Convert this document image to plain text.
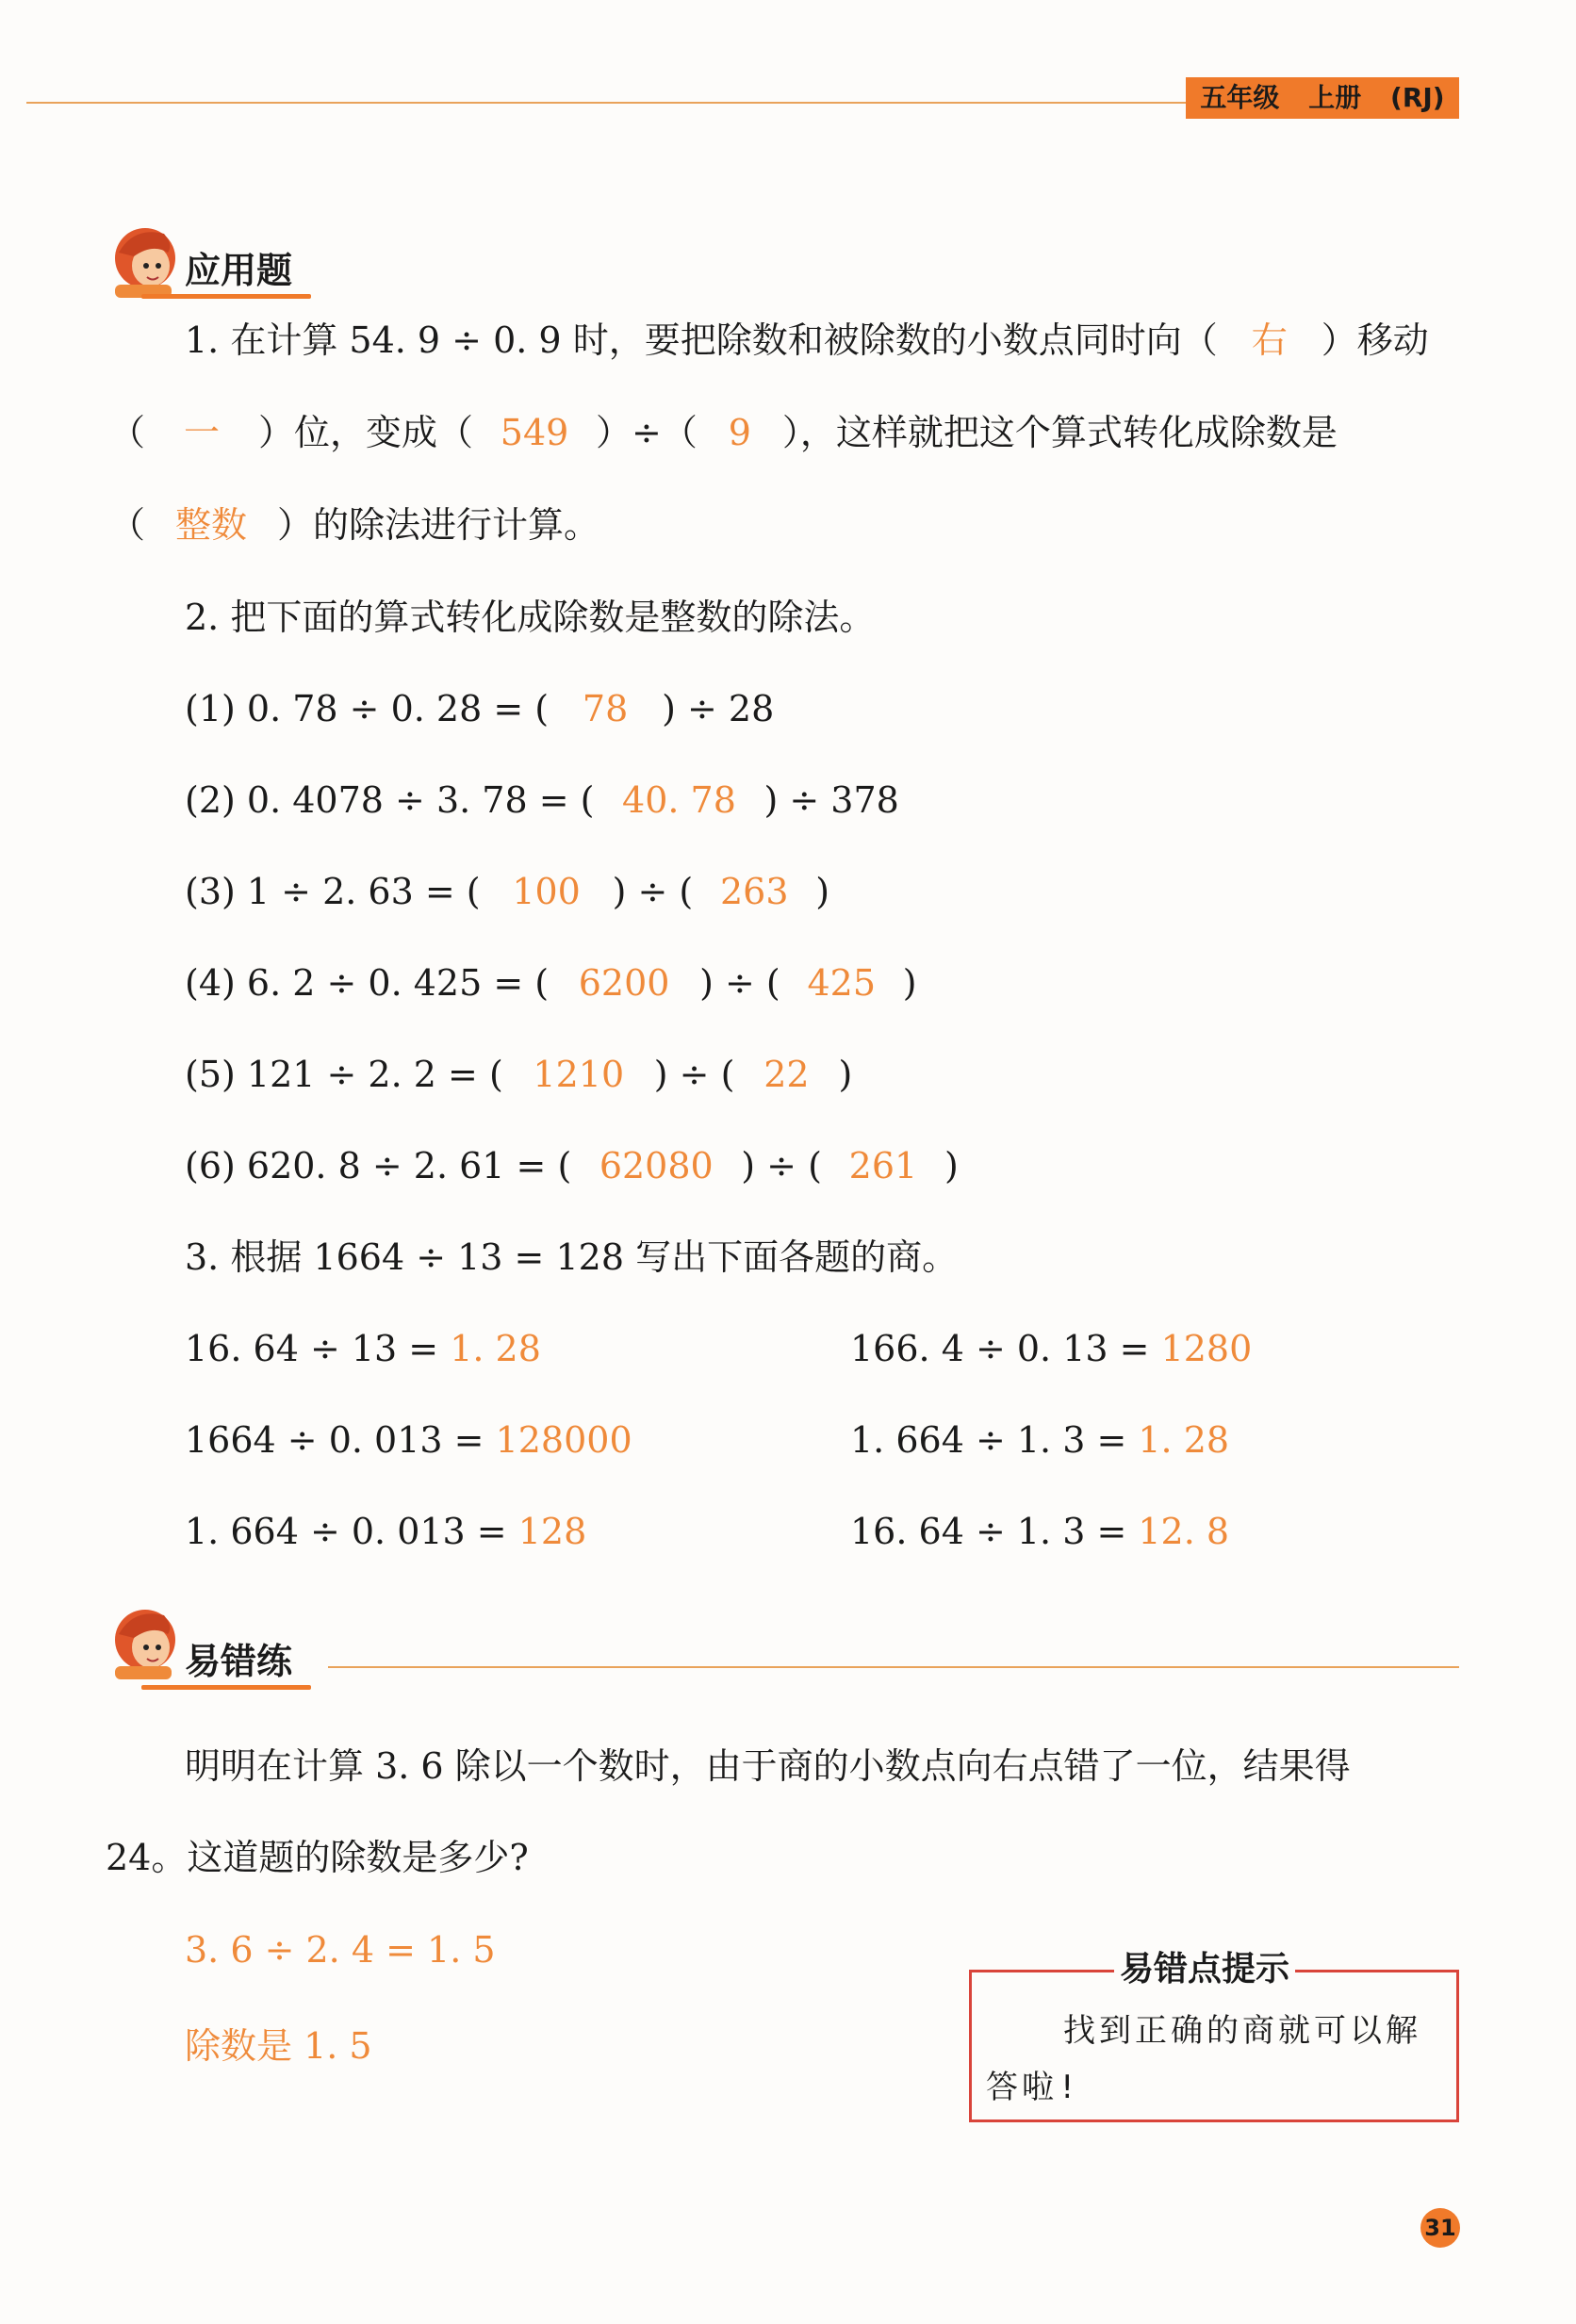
五年级 上册 (RJ)
应用题
1. 在计算 54. 9 ÷ 0. 9 时，要把除数和被除数的小数点同时向（ 右 ）移动
（ 一 ）位，变成（ 549 ）÷（ 9 ），这样就把这个算式转化成除数是
（ 整数 ）的除法进行计算。
2. 把下面的算式转化成除数是整数的除法。
(1) 0. 78 ÷ 0. 28 = ( 78 ) ÷ 28
(2) 0. 4078 ÷ 3. 78 = ( 40. 78 ) ÷ 378
(3) 1 ÷ 2. 63 = ( 100 ) ÷ ( 263 )
(4) 6. 2 ÷ 0. 425 = ( 6200 ) ÷ ( 425 )
(5) 121 ÷ 2. 2 = ( 1210 ) ÷ ( 22 )
(6) 620. 8 ÷ 2. 61 = ( 62080 ) ÷ ( 261 )
3. 根据 1664 ÷ 13 = 128 写出下面各题的商。
16. 64 ÷ 13 = 1. 28
1664 ÷ 0. 013 = 128000
1. 664 ÷ 0. 013 = 128
166. 4 ÷ 0. 13 = 1280
1. 664 ÷ 1. 3 = 1. 28
16. 64 ÷ 1. 3 = 12. 8
易错练
明明在计算 3. 6 除以一个数时，由于商的小数点向右点错了一位，结果得
24。这道题的除数是多少?
3. 6 ÷ 2. 4 = 1. 5
除数是 1. 5
易错点提示
找到正确的商就可以解
答啦!
31
